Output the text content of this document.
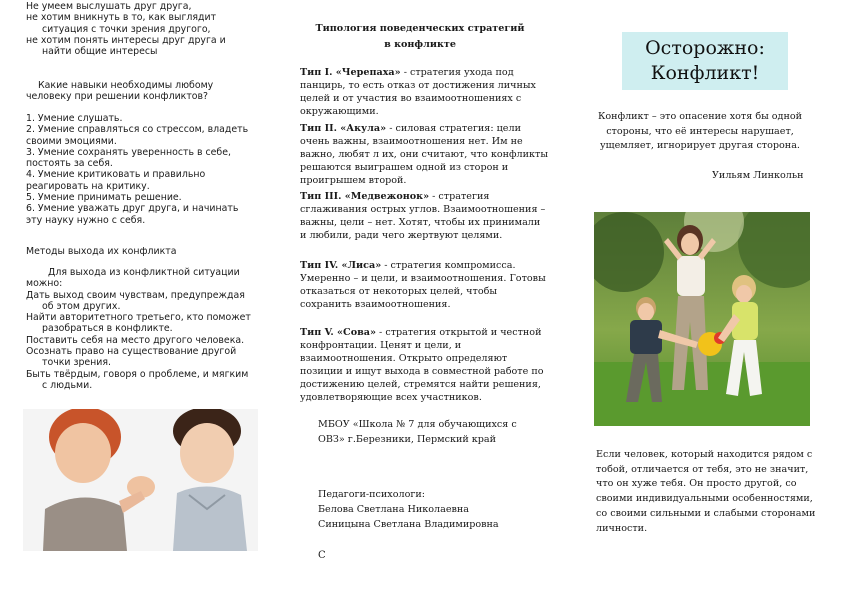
Не умеем выслушать друг друга,
не хотим вникнуть в то, как выглядит
ситуация с точки зрения другого,
не хотим понять интересы друг друга и
найти общие интересы
Какие навыки необходимы любому
человеку при решении конфликтов?
1. Умение слушать.
2. Умение справляться со стрессом, владеть
своими эмоциями.
3. Умение сохранять уверенность в себе,
постоять за себя.
4. Умение критиковать и правильно
реагировать на критику.
5. Умение принимать решение.
6. Умение уважать друг друга, и начинать
эту науку нужно с себя.
Методы выхода их конфликта
Для выхода из конфликтной ситуации
можно:
Дать выход своим чувствам, предупреждая
об этом других.
Найти авторитетного третьего, кто поможет
разобраться в конфликте.
Поставить себя на место другого человека.
Осознать право на существование другой
точки зрения.
Быть твёрдым, говоря о проблеме, и мягким
с людьми.
Типология поведенческих стратегий
в конфликте
Тип I. «Черепаха» - стратегия ухода под панцирь, то есть отказ от достижения личных целей и от участия во взаимоотношениях с окружающими.
Тип II. «Акула» - силовая стратегия: цели очень важны, взаимоотношения нет. Им не важно, любят л их, они считают, что конфликты решаются выиграшем одной из сторон и проигрышем второй.
Тип III. «Медвежонок» - стратегия сглаживания острых углов. Взаимоотношения – важны, цели – нет. Хотят, чтобы их принимали и любили, ради чего жертвуют целями.
Тип IV. «Лиса» - стратегия компромисса. Умеренно – и цели, и взаимоотношения. Готовы отказаться от некоторых целей, чтобы сохранить взаимоотношения.
Тип V. «Сова» - стратегия открытой и честной конфронтации. Ценят и цели, и взаимоотношения. Открыто определяют позиции и ищут выхода в совместной работе по достижению целей, стремятся найти решения, удовлетворяющие всех участников.
МБОУ «Школа № 7 для обучающихся с
ОВЗ» г.Березники, Пермский край
Педагоги-психологи:
Белова Светлана Николаевна
Синицына Светлана Владимировна
С
Осторожно:
Конфликт!
Конфликт – это опасение хотя бы одной стороны, что её интересы нарушает, ущемляет, игнорирует другая сторона.
Уильям Линкольн
Если человек, который находится рядом с тобой, отличается от тебя, это не значит, что он хуже тебя. Он просто другой, со своими индивидуальными особенностями, со своими сильными и слабыми сторонами личности.
